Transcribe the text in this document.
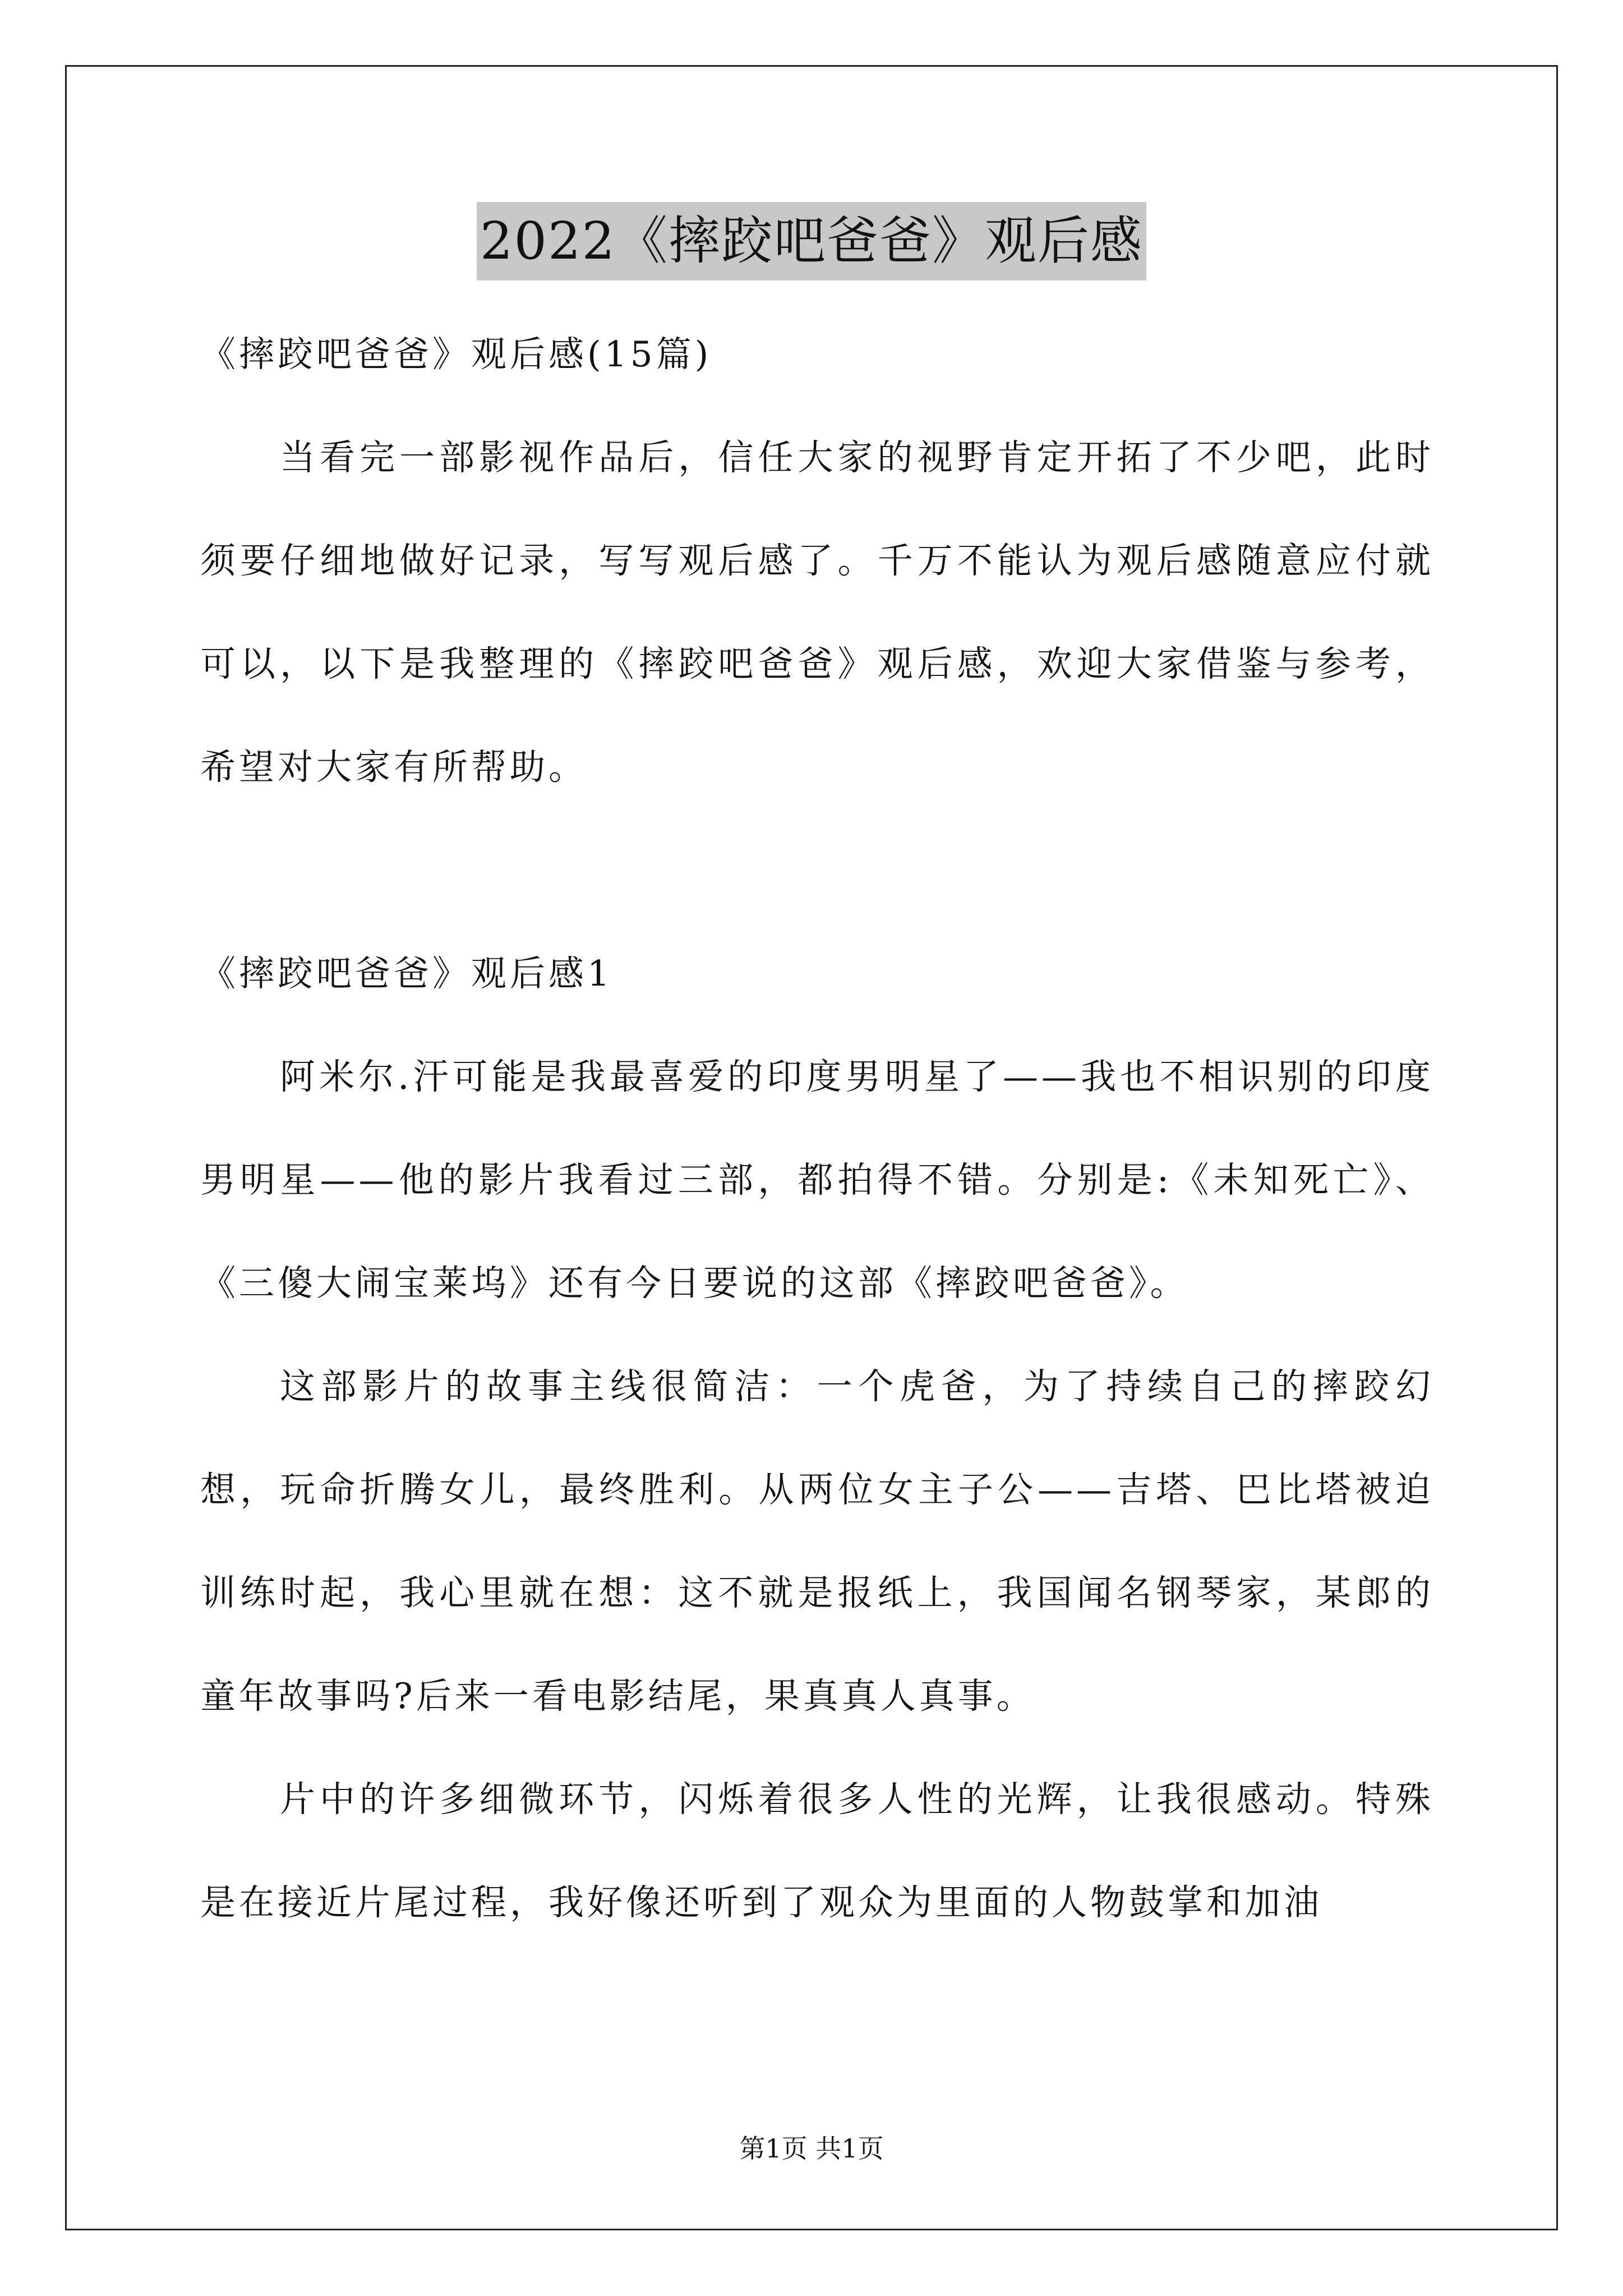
2022《摔跤吧爸爸》观后感

《摔跤吧爸爸》观后感(15篇)

当看完一部影视作品后，信任大家的视野肯定开拓了不少吧，此时须要仔细地做好记录，写写观后感了。千万不能认为观后感随意应付就可以，以下是我整理的《摔跤吧爸爸》观后感，欢迎大家借鉴与参考，希望对大家有所帮助。

《摔跤吧爸爸》观后感1

阿米尔.汗可能是我最喜爱的印度男明星了——我也不相识别的印度男明星——他的影片我看过三部，都拍得不错。分别是:《未知死亡》、《三傻大闹宝莱坞》还有今日要说的这部《摔跤吧爸爸》。

这部影片的故事主线很简洁：一个虎爸，为了持续自己的摔跤幻想，玩命折腾女儿，最终胜利。从两位女主子公——吉塔、巴比塔被迫训练时起，我心里就在想：这不就是报纸上，我国闻名钢琴家，某郎的童年故事吗?后来一看电影结尾，果真真人真事。

片中的许多细微环节，闪烁着很多人性的光辉，让我很感动。特殊是在接近片尾过程，我好像还听到了观众为里面的人物鼓掌和加油

第1页 共1页
